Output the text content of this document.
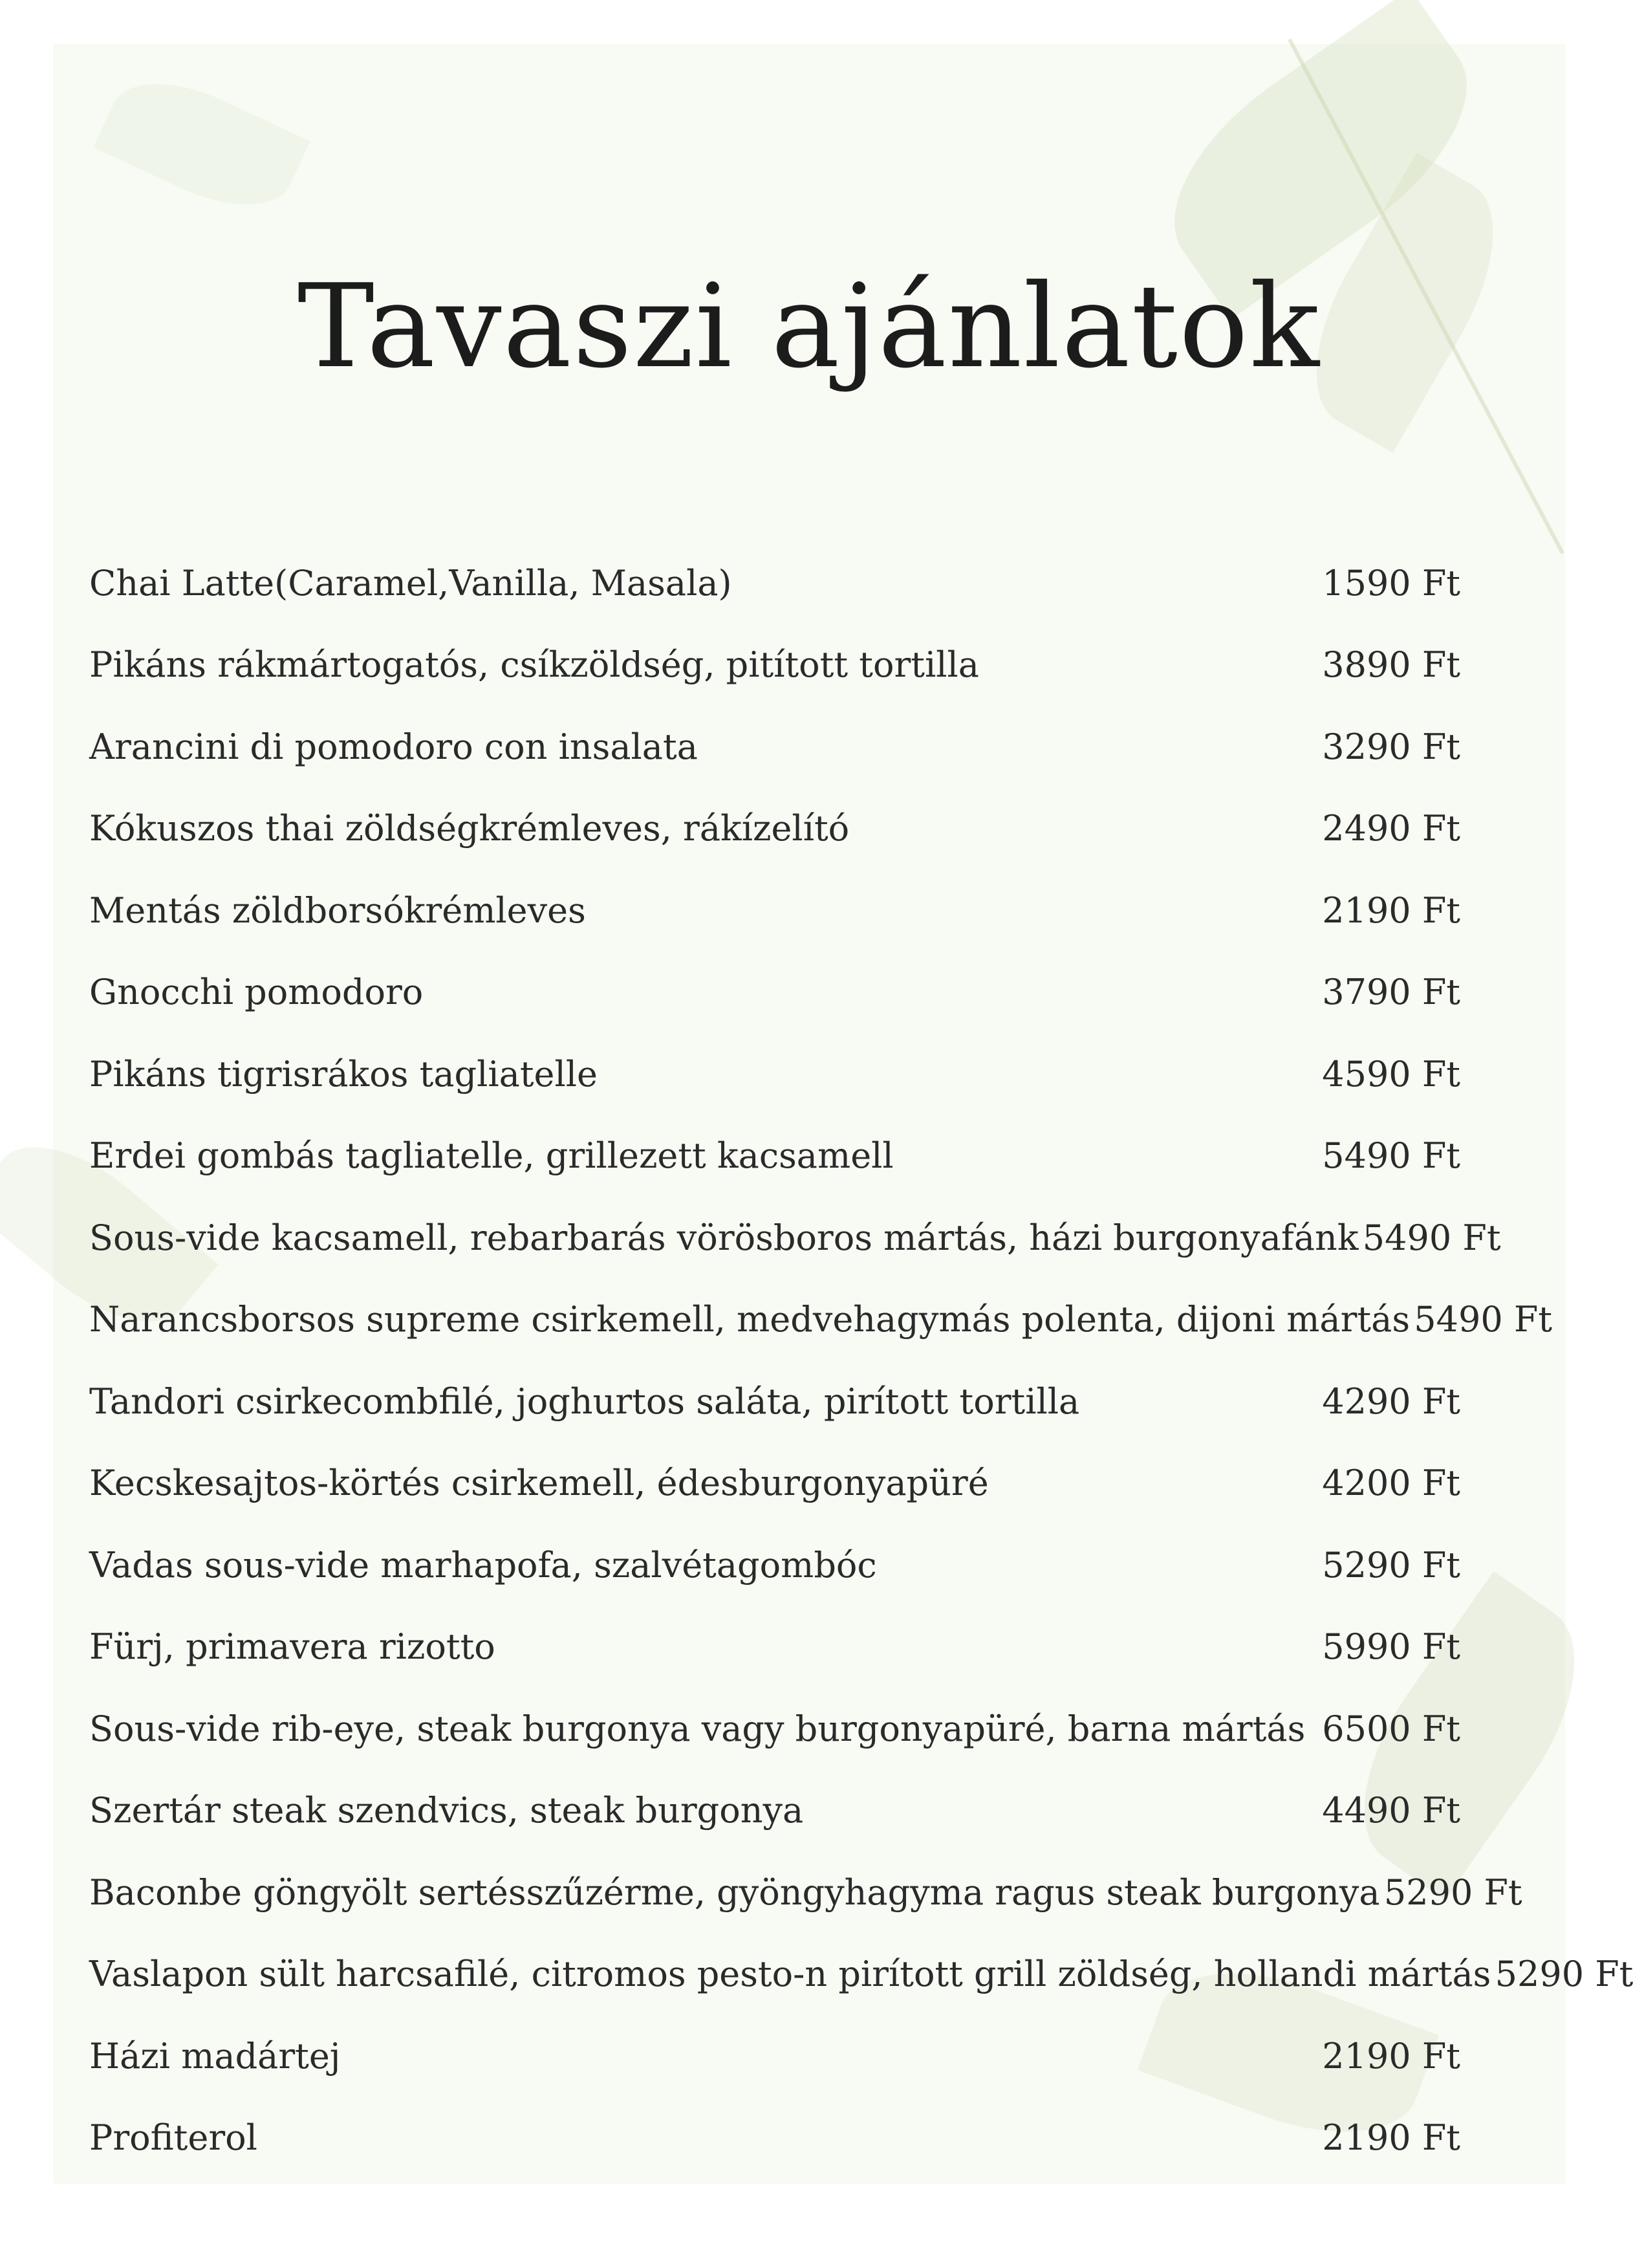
Tavaszi ajánlatok
Chai Latte(Caramel,Vanilla, Masala)	1590 Ft
Pikáns rákmártogatós, csíkzöldség, pitított tortilla	3890 Ft
Arancini di pomodoro con insalata	3290 Ft
Kókuszos thai zöldségkrémleves, rákízelító	2490 Ft
Mentás zöldborsókrémleves	2190 Ft
Gnocchi pomodoro	3790 Ft
Pikáns tigrisrákos tagliatelle	4590 Ft
Erdei gombás tagliatelle, grillezett kacsamell	5490 Ft
Sous-vide kacsamell, rebarbarás vörösboros mártás, házi burgonyafánk 5490 Ft
Narancsborsos supreme csirkemell, medvehagymás polenta, dijoni mártás 5490 Ft
Tandori csirkecombfilé, joghurtos saláta, pirított tortilla	4290 Ft
Kecskesajtos-körtés csirkemell, édesburgonyapüré	4200 Ft
Vadas sous-vide marhapofa, szalvétagombóc	5290 Ft
Fürj, primavera rizotto	5990 Ft
Sous-vide rib-eye, steak burgonya vagy burgonyapüré, barna mártás 6500 Ft
Szertár steak szendvics, steak burgonya	4490 Ft
Baconbe göngyölt sertésszűzérme, gyöngyhagyma ragus steak burgonya 5290 Ft
Vaslapon sült harcsafilé, citromos pesto-n pirított grill zöldség, hollandi mártás 5290 Ft
Házi madártej	2190 Ft
Profiterol	2190 Ft
